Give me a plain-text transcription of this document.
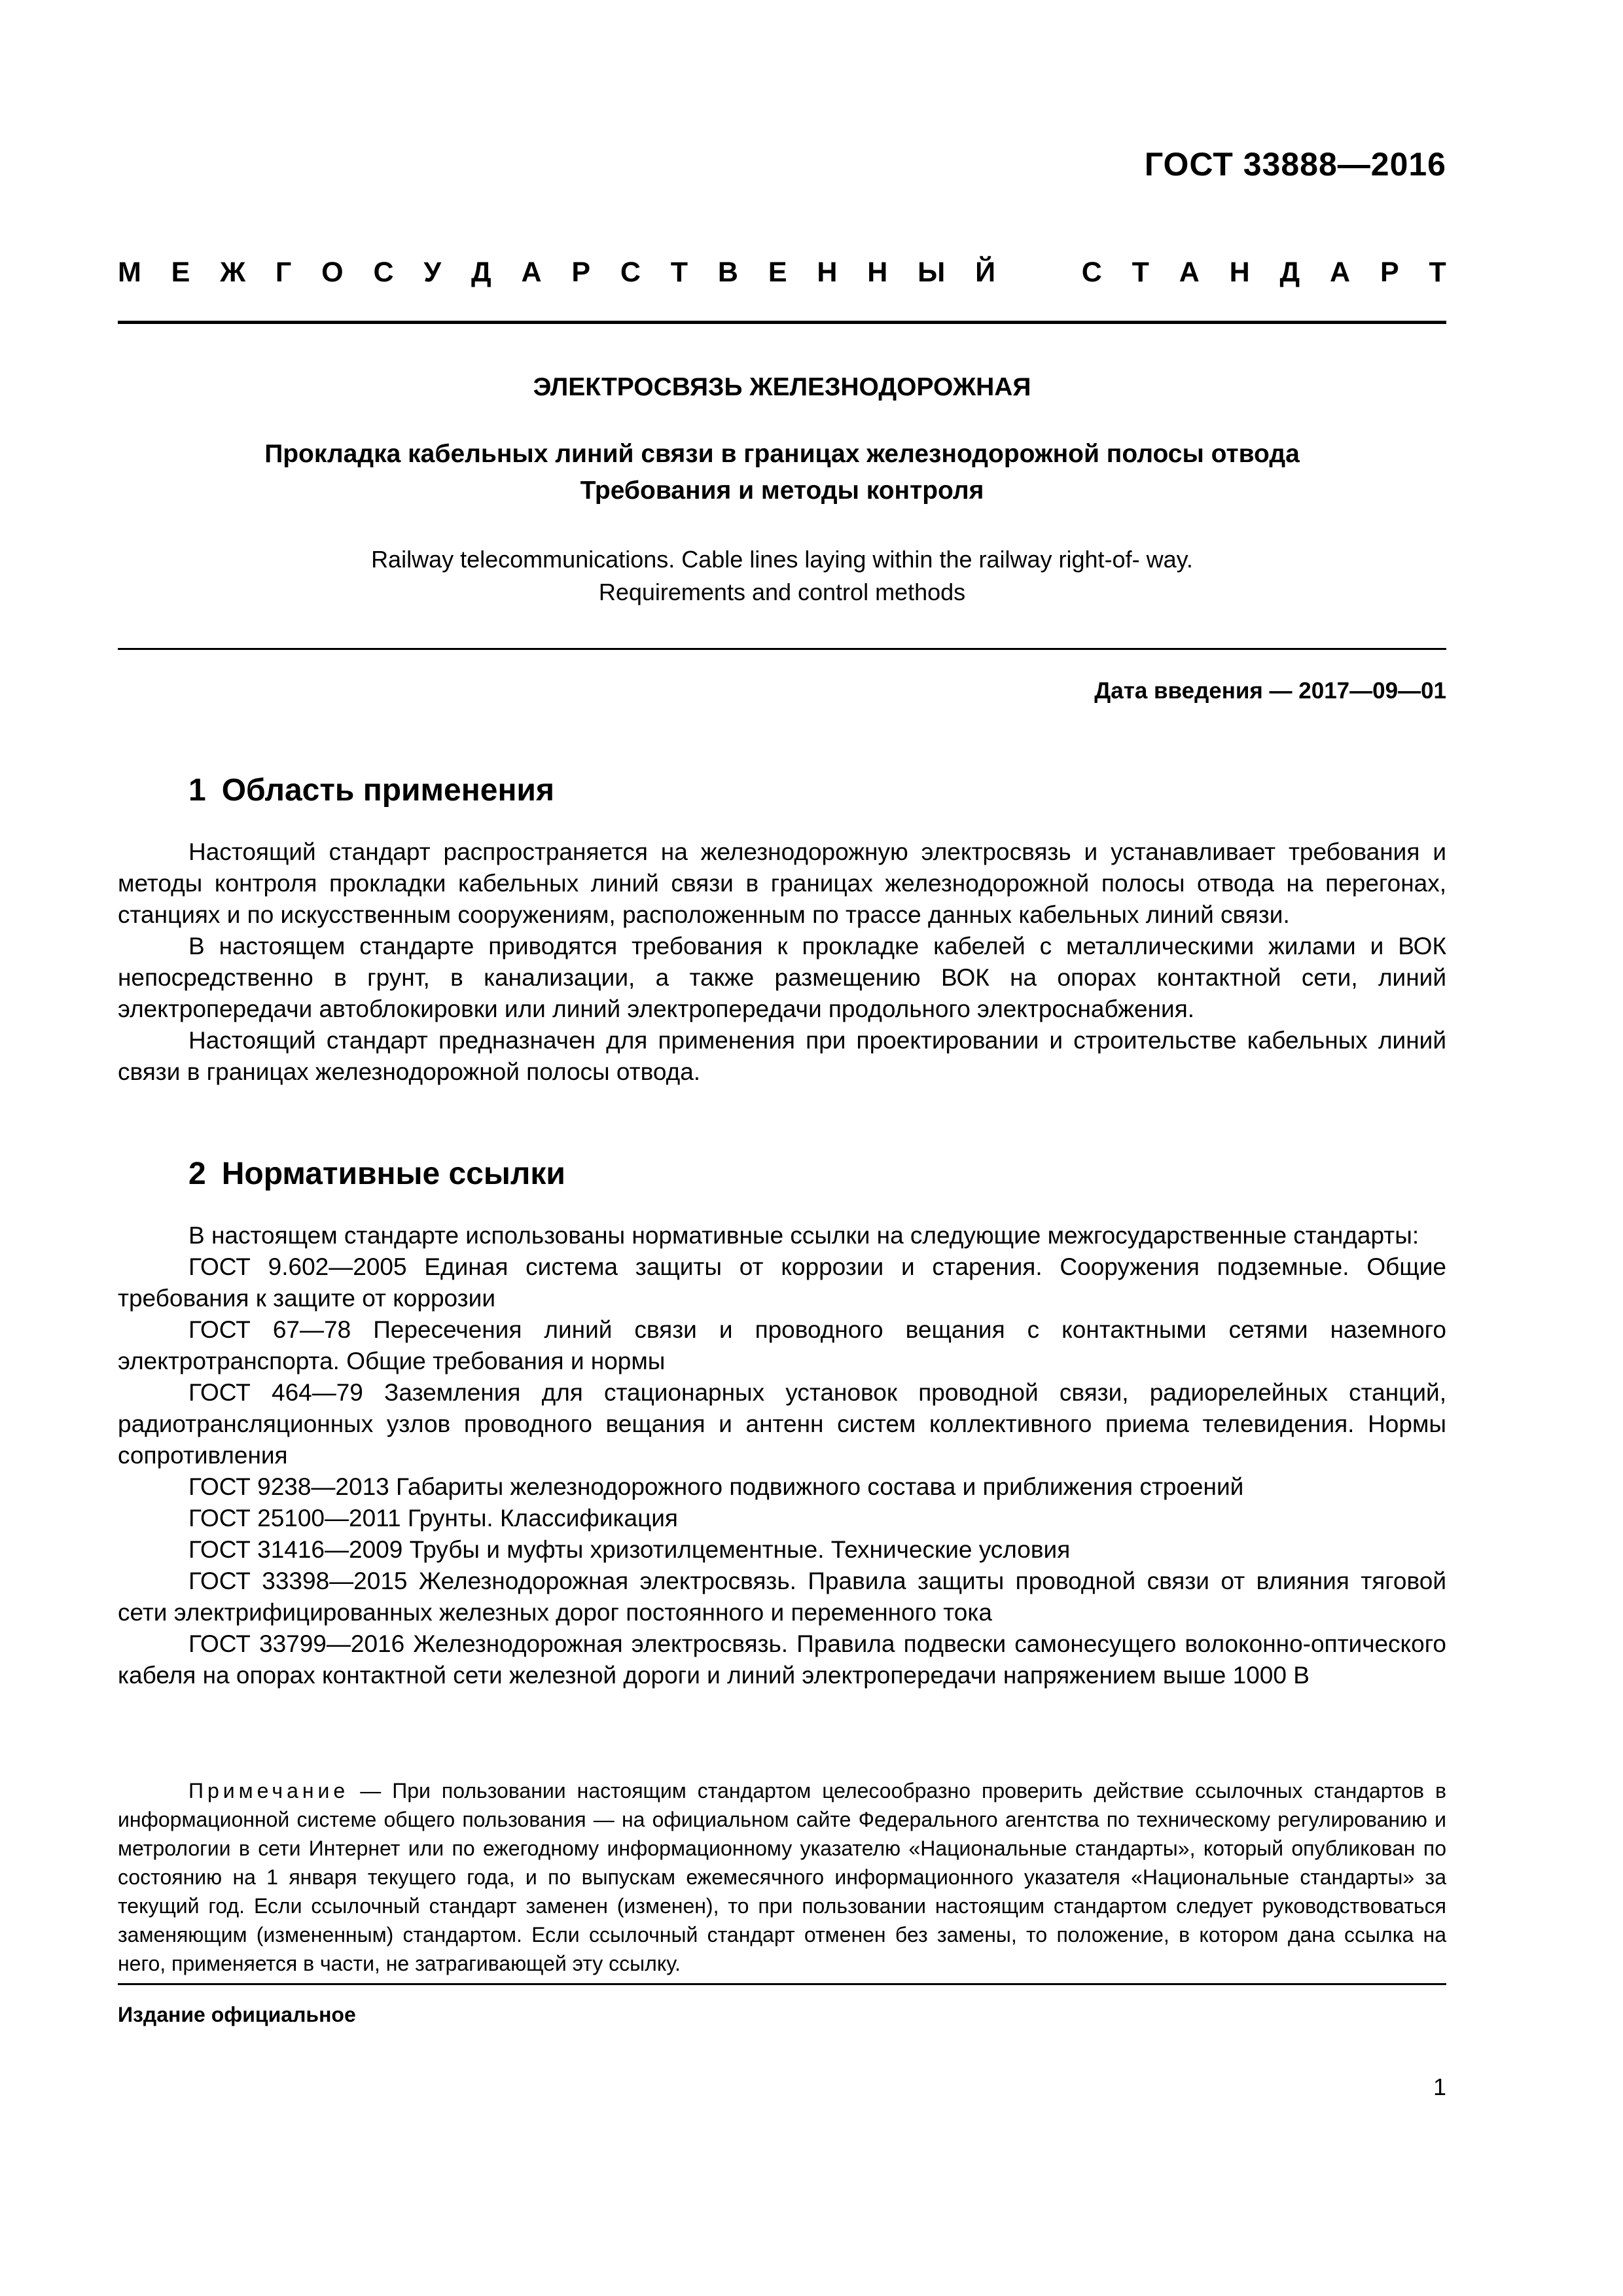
ГОСТ 33888—2016
М Е Ж Г О С У Д А Р С Т В Е Н Н Ы Й	С Т А Н Д А Р Т
ЭЛЕКТРОСВЯЗЬ ЖЕЛЕЗНОДОРОЖНАЯ
Прокладка кабельных линий связи в границах железнодорожной полосы отвода
Требования и методы контроля
Railway telecommunications. Cable lines laying within the railway right-of- way.
Requirements and control methods
Дата введения — 2017—09—01
1 Область применения

Настоящий стандарт распространяется на железнодорожную электросвязь и устанавливает требования и методы контроля прокладки кабельных линий связи в границах железнодорожной полосы отвода на перегонах, станциях и по искусственным сооружениям, расположенным по трассе данных кабельных линий связи.

В настоящем стандарте приводятся требования к прокладке кабелей с металлическими жилами и ВОК непосредственно в грунт, в канализации, а также размещению ВОК на опорах контактной сети, линий электропередачи автоблокировки или линий электропередачи продольного электроснабжения.

Настоящий стандарт предназначен для применения при проектировании и строительстве кабельных линий связи в границах железнодорожной полосы отвода.

2 Нормативные ссылки

В настоящем стандарте использованы нормативные ссылки на следующие межгосударственные стандарты:

ГОСТ 9.602—2005 Единая система защиты от коррозии и старения. Сооружения подземные. Общие требования к защите от коррозии

ГОСТ 67—78 Пересечения линий связи и проводного вещания с контактными сетями наземного электротранспорта. Общие требования и нормы

ГОСТ 464—79 Заземления для стационарных установок проводной связи, радиорелейных станций, радиотрансляционных узлов проводного вещания и антенн систем коллективного приема телевидения. Нормы сопротивления

ГОСТ 9238—2013 Габариты железнодорожного подвижного состава и приближения строений

ГОСТ 25100—2011 Грунты. Классификация

ГОСТ 31416—2009 Трубы и муфты хризотилцементные. Технические условия

ГОСТ 33398—2015 Железнодорожная электросвязь. Правила защиты проводной связи от влияния тяговой сети электрифицированных железных дорог постоянного и переменного тока

ГОСТ 33799—2016 Железнодорожная электросвязь. Правила подвески самонесущего волоконно-оптического кабеля на опорах контактной сети железной дороги и линий электропередачи напряжением выше 1000 В

Примечание — При пользовании настоящим стандартом целесообразно проверить действие ссылочных стандартов в информационной системе общего пользования — на официальном сайте Федерального агентства по техническому регулированию и метрологии в сети Интернет или по ежегодному информационному указателю «Национальные стандарты», который опубликован по состоянию на 1 января текущего года, и по выпускам ежемесячного информационного указателя «Национальные стандарты» за текущий год. Если ссылочный стандарт заменен (изменен), то при пользовании настоящим стандартом следует руководствоваться заменяющим (измененным) стандартом. Если ссылочный стандарт отменен без замены, то положение, в котором дана ссылка на него, применяется в части, не затрагивающей эту ссылку.
Издание официальное
1
